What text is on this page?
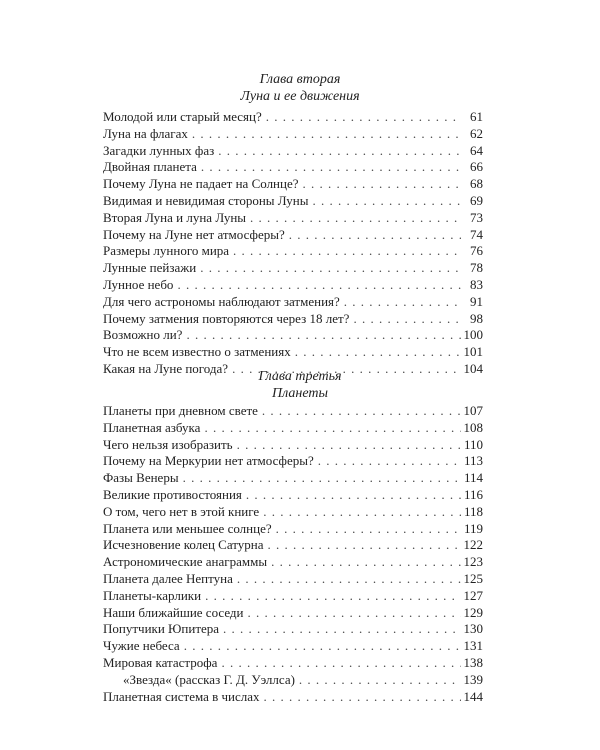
Глава вторая
Луна и ее движения
Молодой или старый месяц? . . .	61
Луна на флагах . . .	62
Загадки лунных фаз . . .	64
Двойная планета . . .	66
Почему Луна не падает на Солнце? . . .	68
Видимая и невидимая стороны Луны . . .	69
Вторая Луна и луна Луны . . .	73
Почему на Луне нет атмосферы? . . .	74
Размеры лунного мира . . .	76
Лунные пейзажи . . .	78
Лунное небо . . .	83
Для чего астрономы наблюдают затмения? . . .	91
Почему затмения повторяются через 18 лет? . . .	98
Возможно ли? . . .	100
Что не всем известно о затмениях . . .	101
Какая на Луне погода? . . .	104
Глава третья
Планеты
Планеты при дневном свете . . .	107
Планетная азбука . . .	108
Чего нельзя изобразить . . .	110
Почему на Меркурии нет атмосферы? . . .	113
Фазы Венеры . . .	114
Великие противостояния . . .	116
О том, чего нет в этой книге . . .	118
Планета или меньшее солнце? . . .	119
Исчезновение колец Сатурна . . .	122
Астрономические анаграммы . . .	123
Планета далее Нептуна . . .	125
Планеты-карлики . . .	127
Наши ближайшие соседи . . .	129
Попутчики Юпитера . . .	130
Чужие небеса . . .	131
Мировая катастрофа . . .	138
«Звезда« (рассказ Г. Д. Уэллса) . . .	139
Планетная система в числах . . .	144
